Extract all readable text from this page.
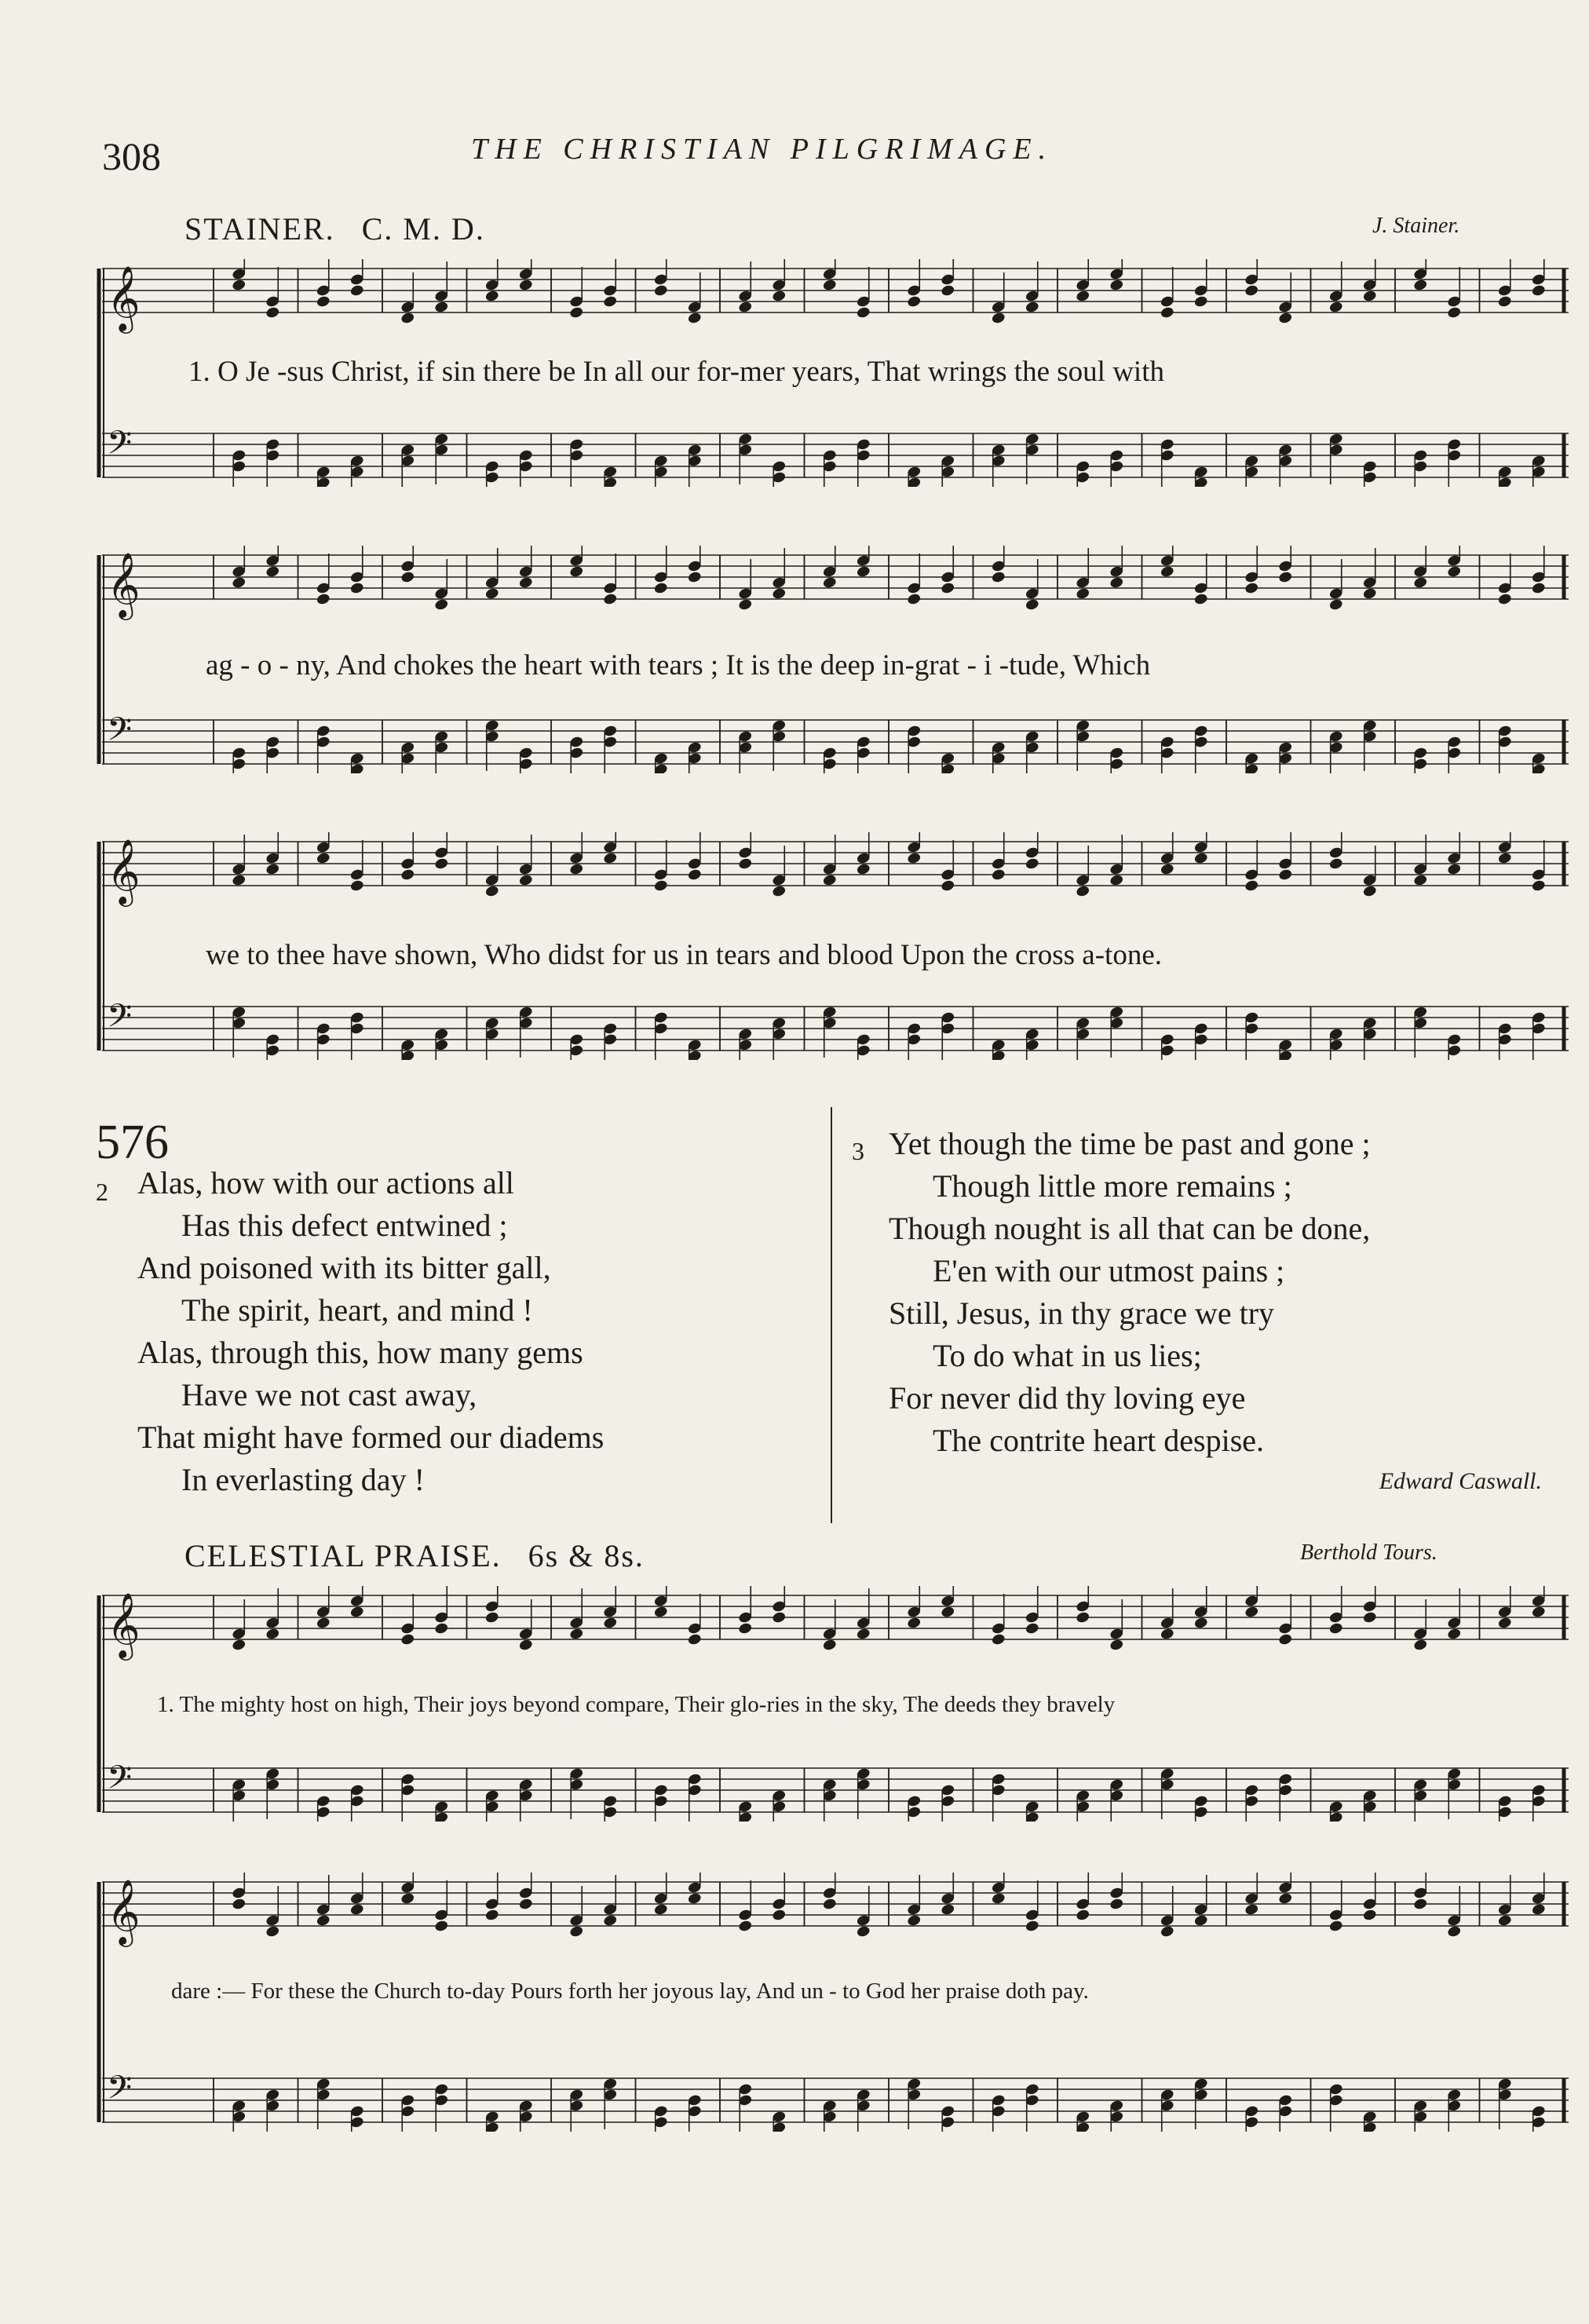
308	THE CHRISTIAN PILGRIMAGE.
STAINER. C. M. D.	J. Stainer.
𝄞
𝄢
1. O Je -sus Christ, if sin there be In all our for-mer years, That wrings the soul with
𝄞
𝄢
ag - o - ny, And chokes the heart with tears ; It is the deep in-grat - i -tude, Which
𝄞
𝄢
we to thee have shown, Who didst for us in tears and blood Upon the cross a-tone.
576
2 Alas, how with our actions all
Has this defect entwined ;
And poisoned with its bitter gall,
The spirit, heart, and mind !
Alas, through this, how many gems
Have we not cast away,
That might have formed our diadems
In everlasting day !
3 Yet though the time be past and gone ;
Though little more remains ;
Though nought is all that can be done,
E'en with our utmost pains ;
Still, Jesus, in thy grace we try
To do what in us lies;
For never did thy loving eye
The contrite heart despise.
Edward Caswall.
CELESTIAL PRAISE. 6s & 8s.	Berthold Tours.
𝄞
𝄢
1. The mighty host on high, Their joys beyond compare, Their glo-ries in the sky, The deeds they bravely
𝄞
𝄢
dare :— For these the Church to-day Pours forth her joyous lay, And un - to God her praise doth pay.
